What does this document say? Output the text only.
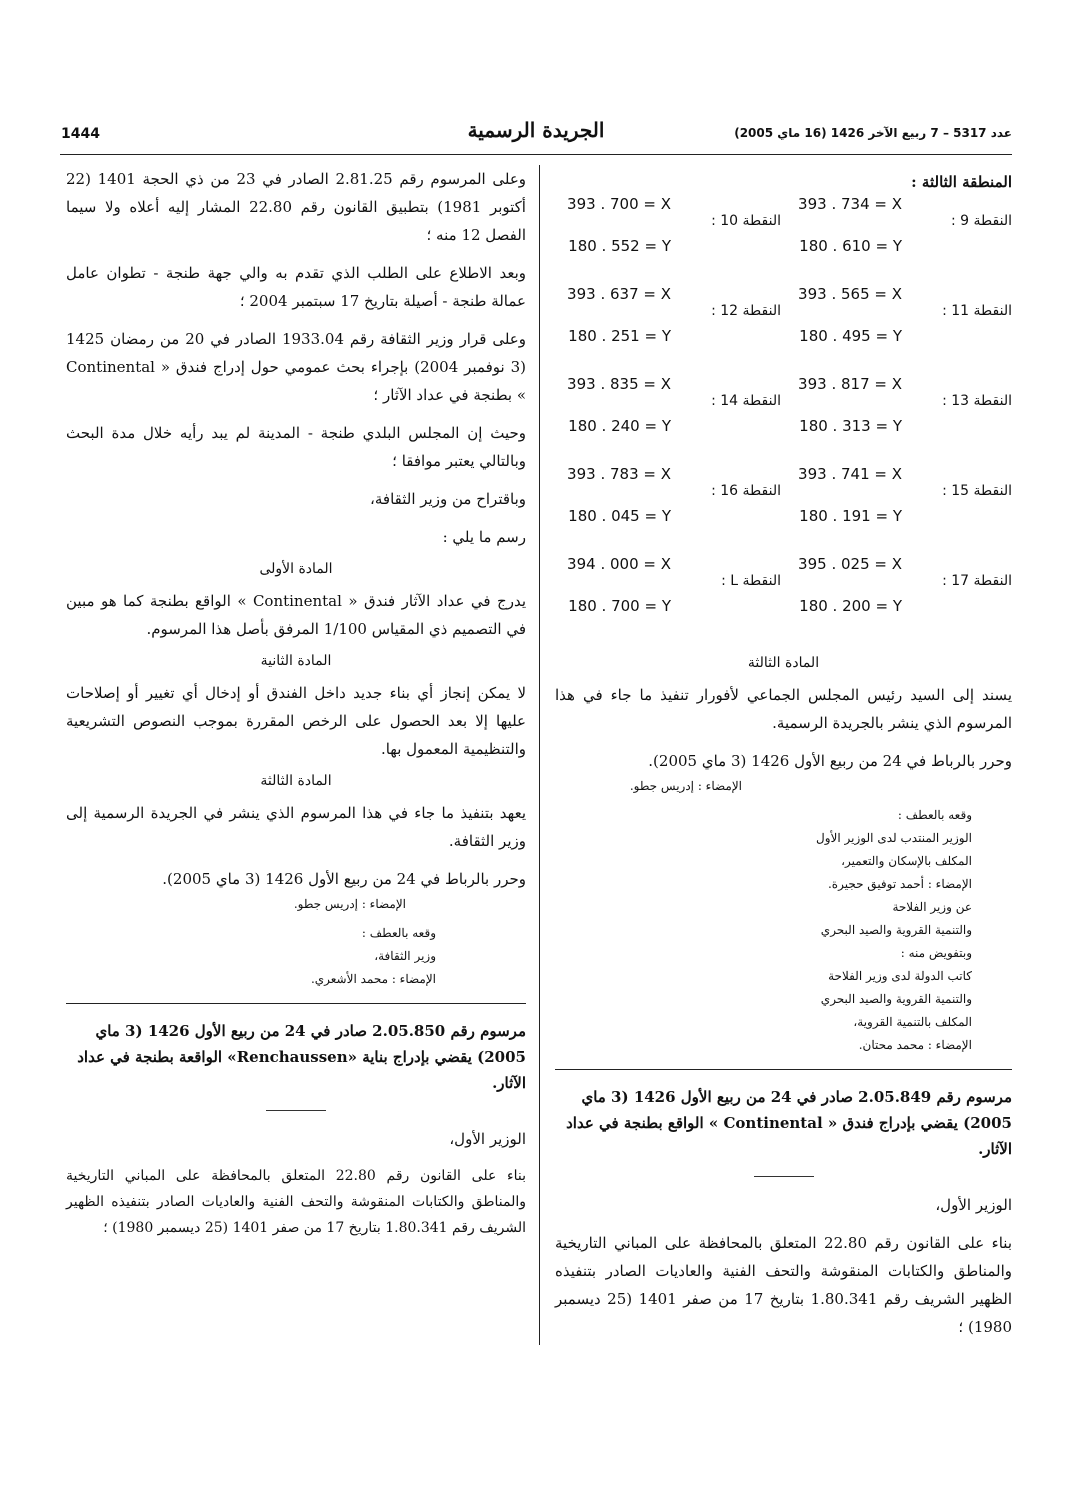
عدد 5317 – 7 ربيع الآخر 1426 (16 ماي 2005)
الجريدة الرسمية
1444

المنطقة الثالثة :

393 . 734 = X
النقطة 9 :
180 . 610 = Y
393 . 700 = X
النقطة 10 :
180 . 552 = Y
393 . 565 = X
النقطة 11 :
180 . 495 = Y
393 . 637 = X
النقطة 12 :
180 . 251 = Y
393 . 817 = X
النقطة 13 :
180 . 313 = Y
393 . 835 = X
النقطة 14 :
180 . 240 = Y
393 . 741 = X
النقطة 15 :
180 . 191 = Y
393 . 783 = X
النقطة 16 :
180 . 045 = Y
395 . 025 = X
النقطة 17 :
180 . 200 = Y
394 . 000 = X
النقطة L :
180 . 700 = Y

المادة الثالثة

يسند إلى السيد رئيس المجلس الجماعي لأفورار تنفيذ ما جاء في هذا المرسوم الذي ينشر بالجريدة الرسمية.

وحرر بالرباط في 24 من ربيع الأول 1426 (3 ماي 2005).

الإمضاء : إدريس جطو.

وقعه بالعطف :

الوزير المنتدب لدى الوزير الأول

المكلف بالإسكان والتعمير،

الإمضاء : أحمد توفيق حجيرة.

عن وزير الفلاحة

والتنمية القروية والصيد البحري

وبتفويض منه :

كاتب الدولة لدى وزير الفلاحة

والتنمية القروية والصيد البحري

المكلف بالتنمية القروية،

الإمضاء : محمد محتان.

مرسوم رقم 2.05.849 صادر في 24 من ربيع الأول 1426 (3 ماي 2005) يقضي بإدراج فندق « Continental » الواقع بطنجة في عداد الآثار.

الوزير الأول،

بناء على القانون رقم 22.80 المتعلق بالمحافظة على المباني التاريخية والمناطق والكتابات المنقوشة والتحف الفنية والعاديات الصادر بتنفيذه الظهير الشريف رقم 1.80.341 بتاريخ 17 من صفر 1401 (25 ديسمبر 1980) ؛

وعلى المرسوم رقم 2.81.25 الصادر في 23 من ذي الحجة 1401 (22 أكتوبر 1981) بتطبيق القانون رقم 22.80 المشار إليه أعلاه ولا سيما الفصل 12 منه ؛

وبعد الاطلاع على الطلب الذي تقدم به والي جهة طنجة - تطوان عامل عمالة طنجة - أصيلة بتاريخ 17 سبتمبر 2004 ؛

وعلى قرار وزير الثقافة رقم 1933.04 الصادر في 20 من رمضان 1425 (3 نوفمبر 2004) بإجراء بحث عمومي حول إدراج فندق « Continental » بطنجة في عداد الآثار ؛

وحيث إن المجلس البلدي طنجة - المدينة لم يبد رأيه خلال مدة البحث وبالتالي يعتبر موافقا ؛

وباقتراح من وزير الثقافة،

رسم ما يلي :

المادة الأولى

يدرج في عداد الآثار فندق « Continental » الواقع بطنجة كما هو مبين في التصميم ذي المقياس 1/100 المرفق بأصل هذا المرسوم.

المادة الثانية

لا يمكن إنجاز أي بناء جديد داخل الفندق أو إدخال أي تغيير أو إصلاحات عليها إلا بعد الحصول على الرخص المقررة بموجب النصوص التشريعية والتنظيمية المعمول بها.

المادة الثالثة

يعهد بتنفيذ ما جاء في هذا المرسوم الذي ينشر في الجريدة الرسمية إلى وزير الثقافة.

وحرر بالرباط في 24 من ربيع الأول 1426 (3 ماي 2005).

الإمضاء : إدريس جطو.

وقعه بالعطف :

وزير الثقافة،

الإمضاء : محمد الأشعري.

مرسوم رقم 2.05.850 صادر في 24 من ربيع الأول 1426 (3 ماي 2005) يقضي بإدراج بناية «Renchaussen» الواقعة بطنجة في عداد الآثار.

الوزير الأول،

بناء على القانون رقم 22.80 المتعلق بالمحافظة على المباني التاريخية والمناطق والكتابات المنقوشة والتحف الفنية والعاديات الصادر بتنفيذه الظهير الشريف رقم 1.80.341 بتاريخ 17 من صفر 1401 (25 ديسمبر 1980) ؛
